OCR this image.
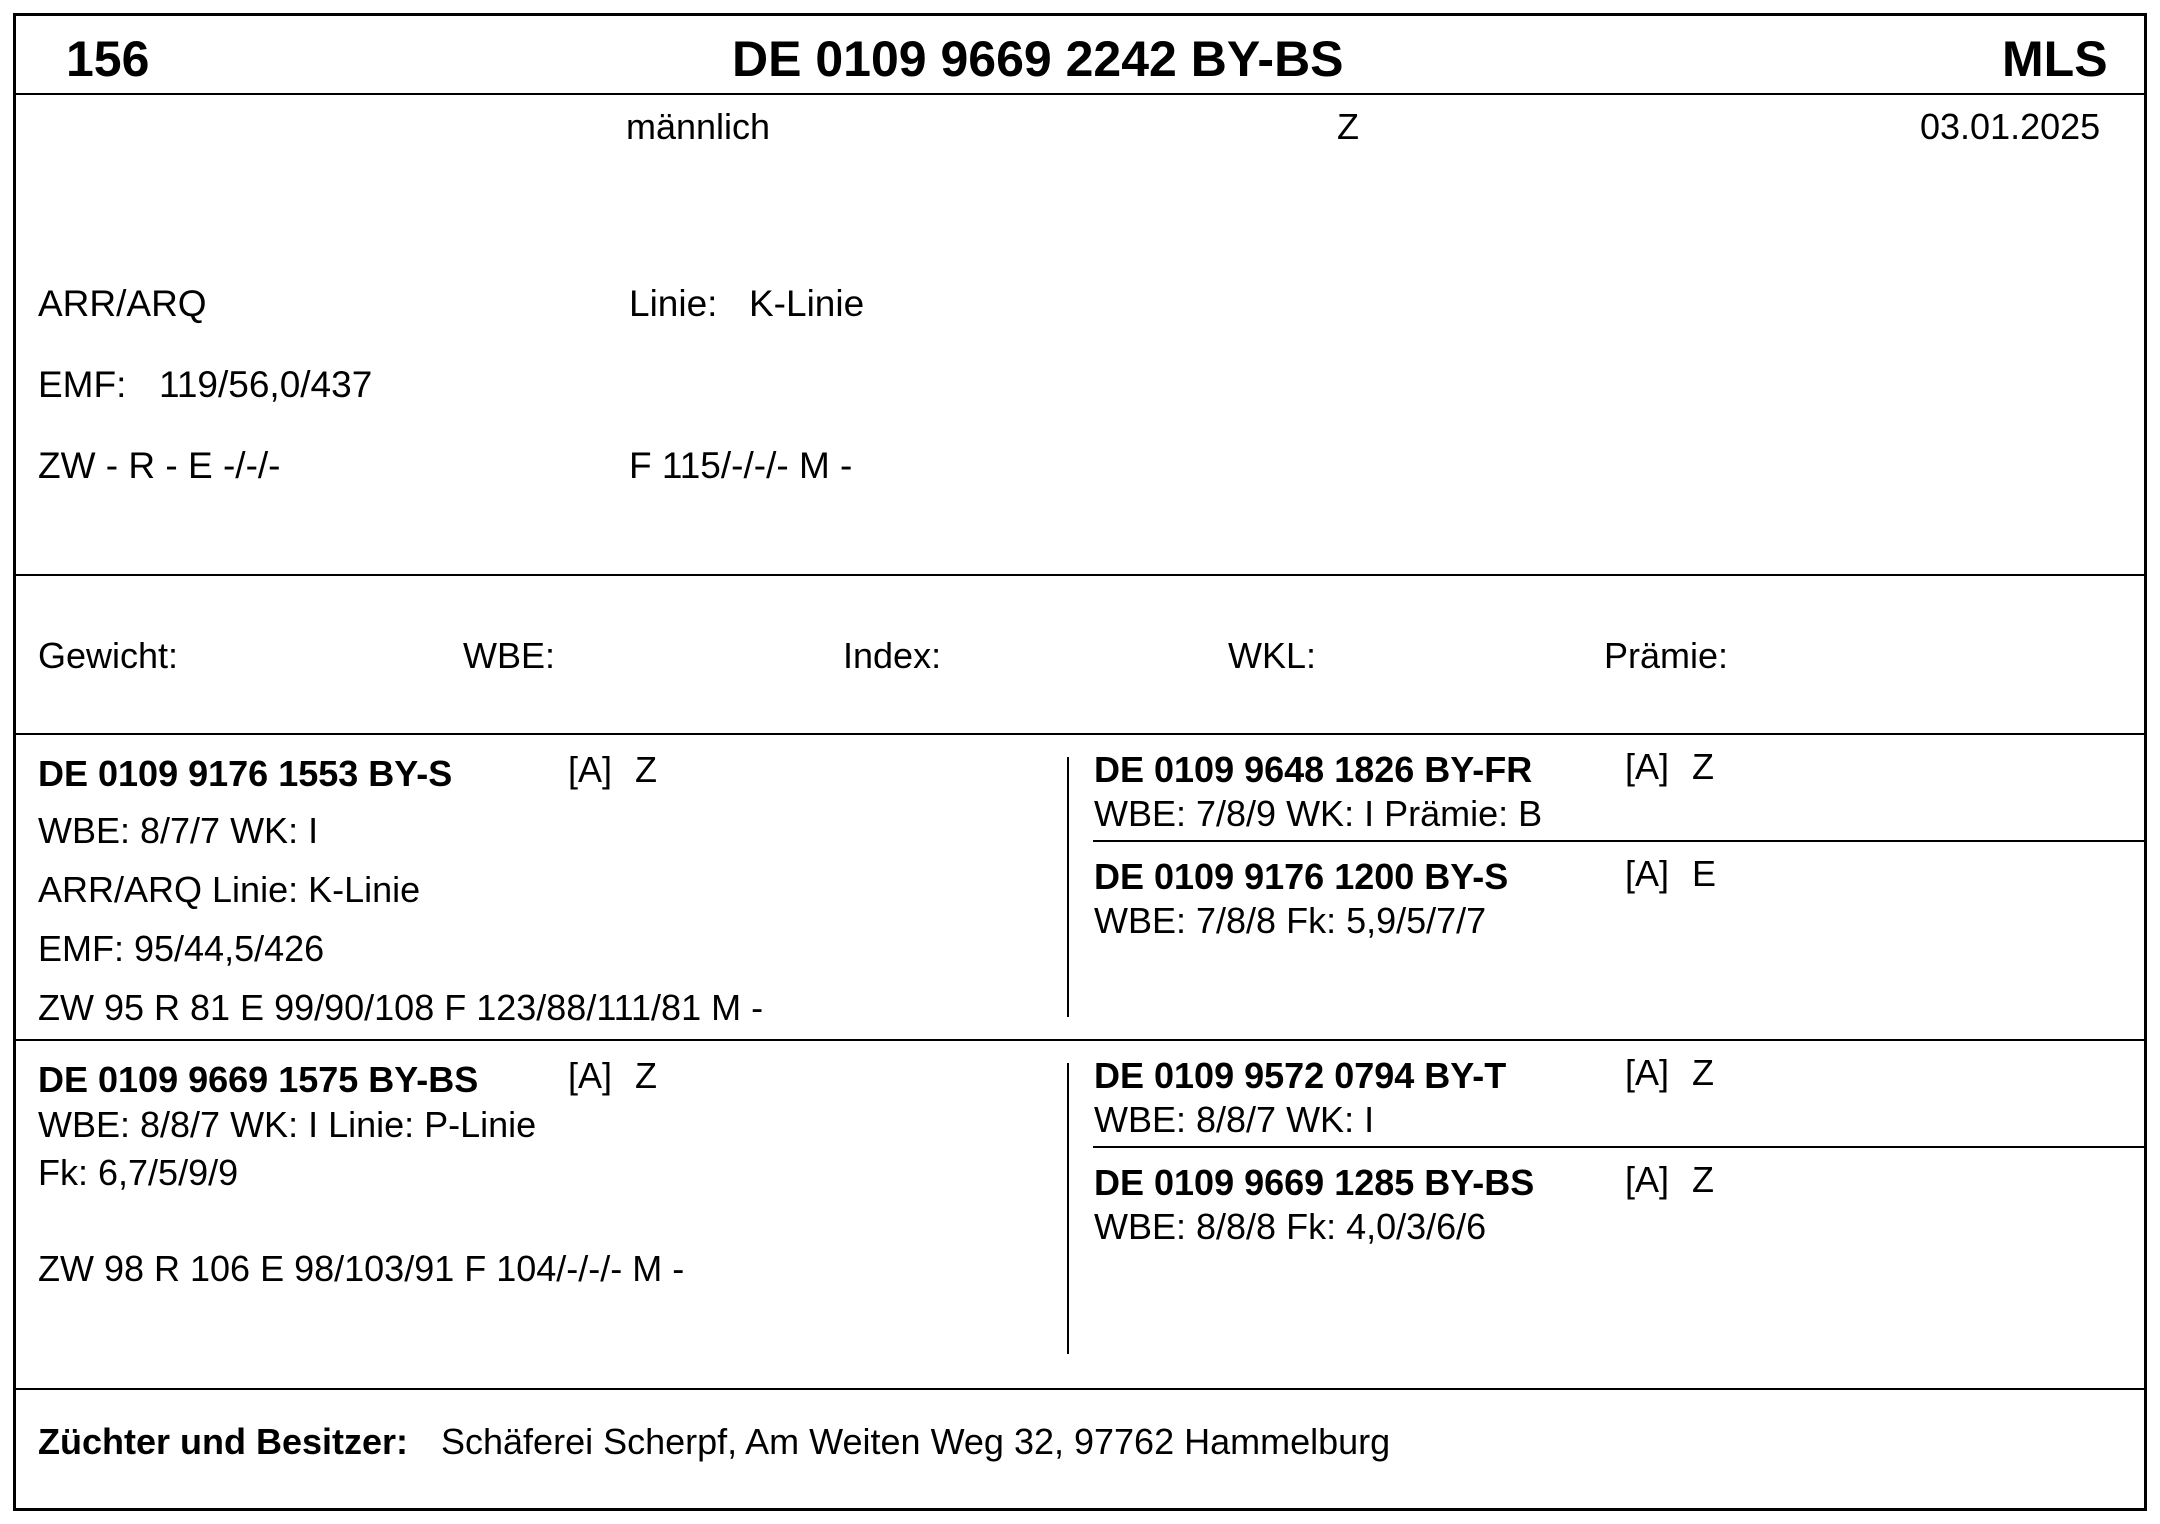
156	DE 0109 9669 2242 BY-BS	MLS
männlich	Z	03.01.2025
ARR/ARQ	Linie: K-Linie
EMF: 119/56,0/437
ZW - R - E -/-/-	F 115/-/-/- M -
Gewicht:	WBE:	Index:	WKL:	Prämie:
DE 0109 9176 1553 BY-S	[A] Z
WBE: 8/7/7 WK: I
ARR/ARQ Linie: K-Linie
EMF: 95/44,5/426
ZW 95 R 81 E 99/90/108 F 123/88/111/81 M -
DE 0109 9648 1826 BY-FR	[A] Z
WBE: 7/8/9 WK: I Prämie: B
DE 0109 9176 1200 BY-S	[A] E
WBE: 7/8/8 Fk: 5,9/5/7/7
DE 0109 9669 1575 BY-BS [A] Z
WBE: 8/8/7 WK: I Linie: P-Linie
Fk: 6,7/5/9/9
ZW 98 R 106 E 98/103/91 F 104/-/-/- M -
DE 0109 9572 0794 BY-T	[A] Z
WBE: 8/8/7 WK: I
DE 0109 9669 1285 BY-BS	[A] Z
WBE: 8/8/8 Fk: 4,0/3/6/6
Züchter und Besitzer: Schäferei Scherpf, Am Weiten Weg 32, 97762 Hammelburg
